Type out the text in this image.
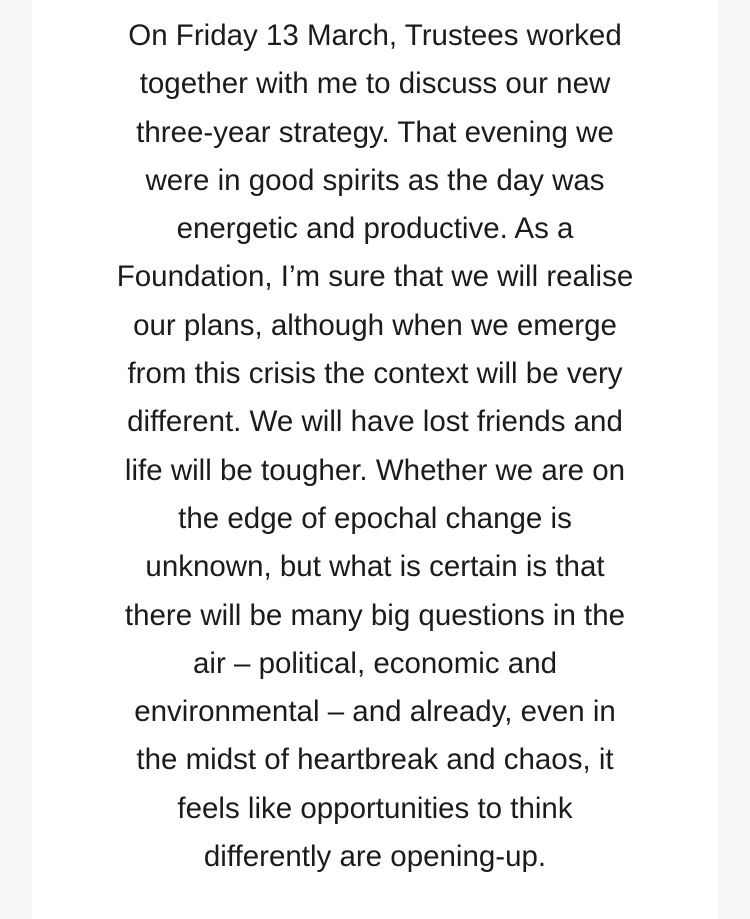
On Friday 13 March, Trustees worked
together with me to discuss our new
three-year strategy. That evening we
were in good spirits as the day was
energetic and productive. As a
Foundation, I’m sure that we will realise
our plans, although when we emerge
from this crisis the context will be very
different. We will have lost friends and
life will be tougher. Whether we are on
the edge of epochal change is
unknown, but what is certain is that
there will be many big questions in the
air – political, economic and
environmental – and already, even in
the midst of heartbreak and chaos, it
feels like opportunities to think
differently are opening-up.
